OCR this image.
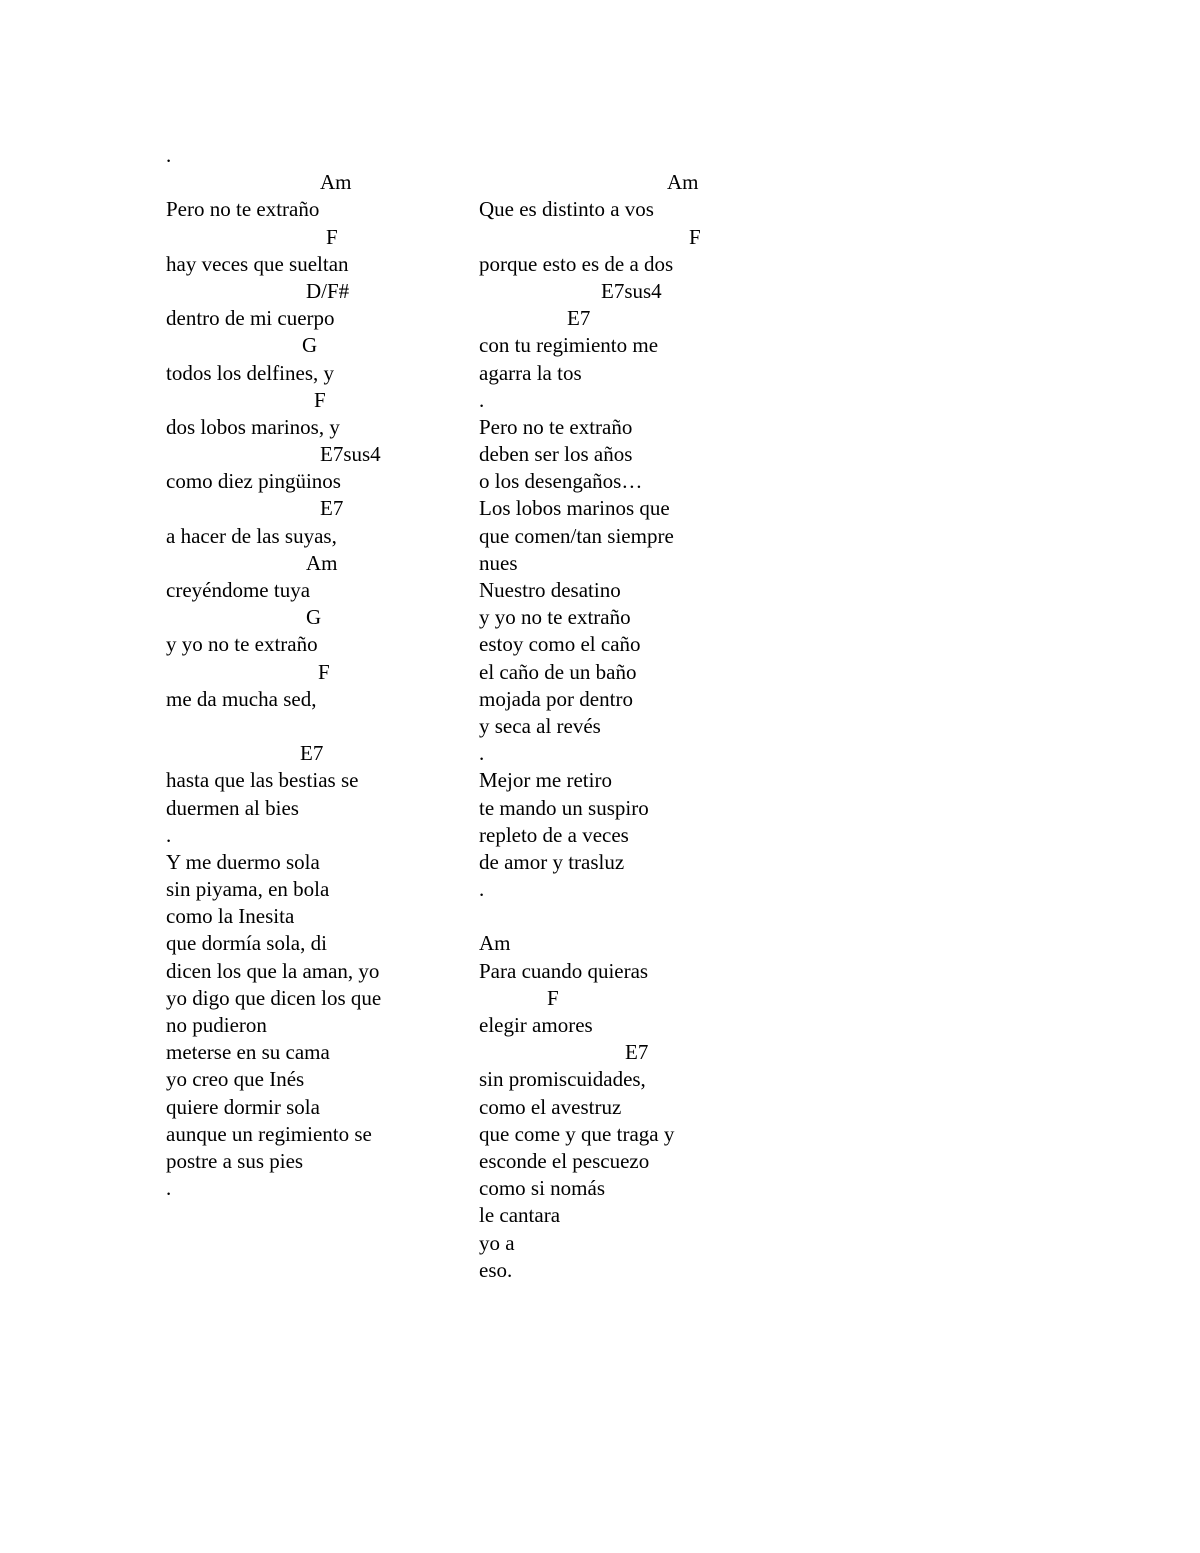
.
Am
Pero no te extraño
F
hay veces que sueltan
D/F#
dentro de mi cuerpo
G
todos los delfines, y
F
dos lobos marinos, y
E7sus4
como diez pingüinos
E7
a hacer de las suyas,
Am
creyéndome tuya
G
y yo no te extraño
F
me da mucha sed,
E7
hasta que las bestias se
duermen al bies
.
Y me duermo sola
sin piyama, en bola
como la Inesita
que dormía sola, di
dicen los que la aman, yo
yo digo que dicen los que
no pudieron
meterse en su cama
yo creo que Inés
quiere dormir sola
aunque un regimiento se
postre a sus pies
.
Am
Que es distinto a vos
F
porque esto es de a dos
E7sus4
E7
con tu regimiento me
agarra la tos
.
Pero no te extraño
deben ser los años
o los desengaños…
Los lobos marinos que
que comen/tan siempre
nues
Nuestro desatino
y yo no te extraño
estoy como el caño
el caño de un baño
mojada por dentro
y seca al revés
.
Mejor me retiro
te mando un suspiro
repleto de a veces
de amor y trasluz
.
Am
Para cuando quieras
F
elegir amores
E7
sin promiscuidades,
como el avestruz
que come y que traga y
esconde el pescuezo
como si nomás
le cantara
yo a
eso.
